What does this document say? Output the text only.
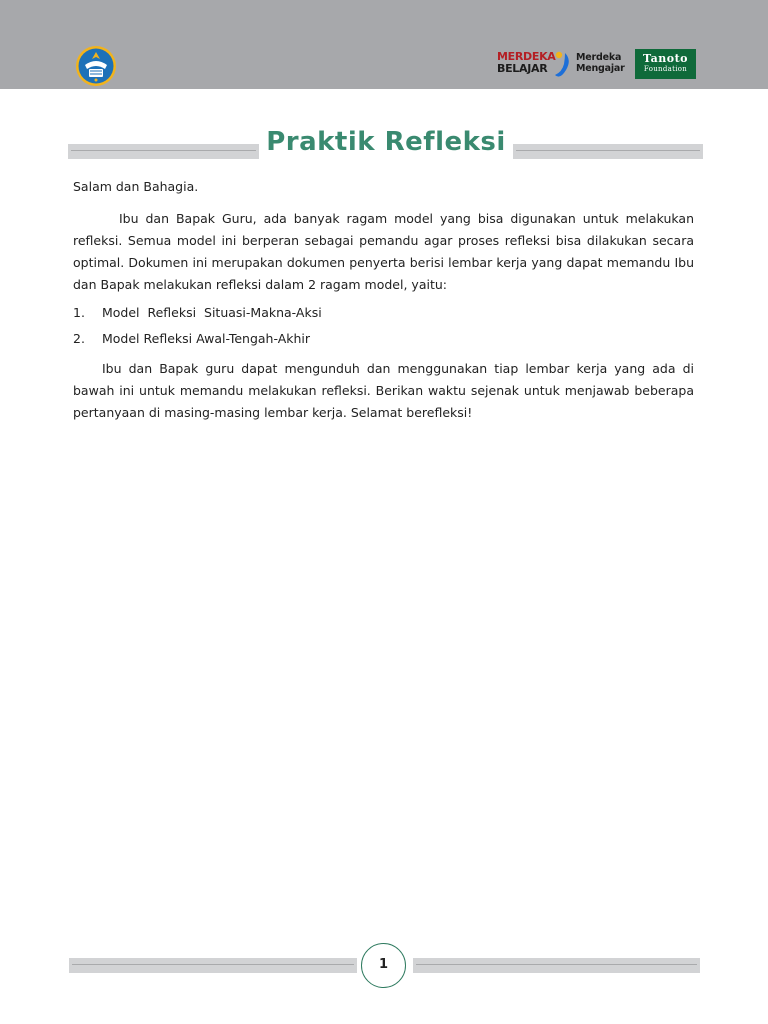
MERDEKA
BELAJAR
Merdeka
Mengajar
Tanoto
Foundation
Praktik Refleksi

Salam dan Bahagia.

Ibu dan Bapak Guru, ada banyak ragam model yang bisa digunakan untuk melakukan refleksi. Semua model ini berperan sebagai pemandu agar proses refleksi bisa dilakukan secara optimal. Dokumen ini merupakan dokumen penyerta berisi lembar kerja yang dapat memandu Ibu dan Bapak melakukan refleksi dalam 2 ragam model, yaitu:

1. Model  Refleksi  Situasi-Makna-Aksi
2. Model Refleksi Awal-Tengah-Akhir

Ibu dan Bapak guru dapat mengunduh dan menggunakan tiap lembar kerja yang ada di bawah ini untuk memandu melakukan refleksi. Berikan waktu sejenak untuk menjawab beberapa pertanyaan di masing-masing lembar kerja. Selamat berefleksi!

1
